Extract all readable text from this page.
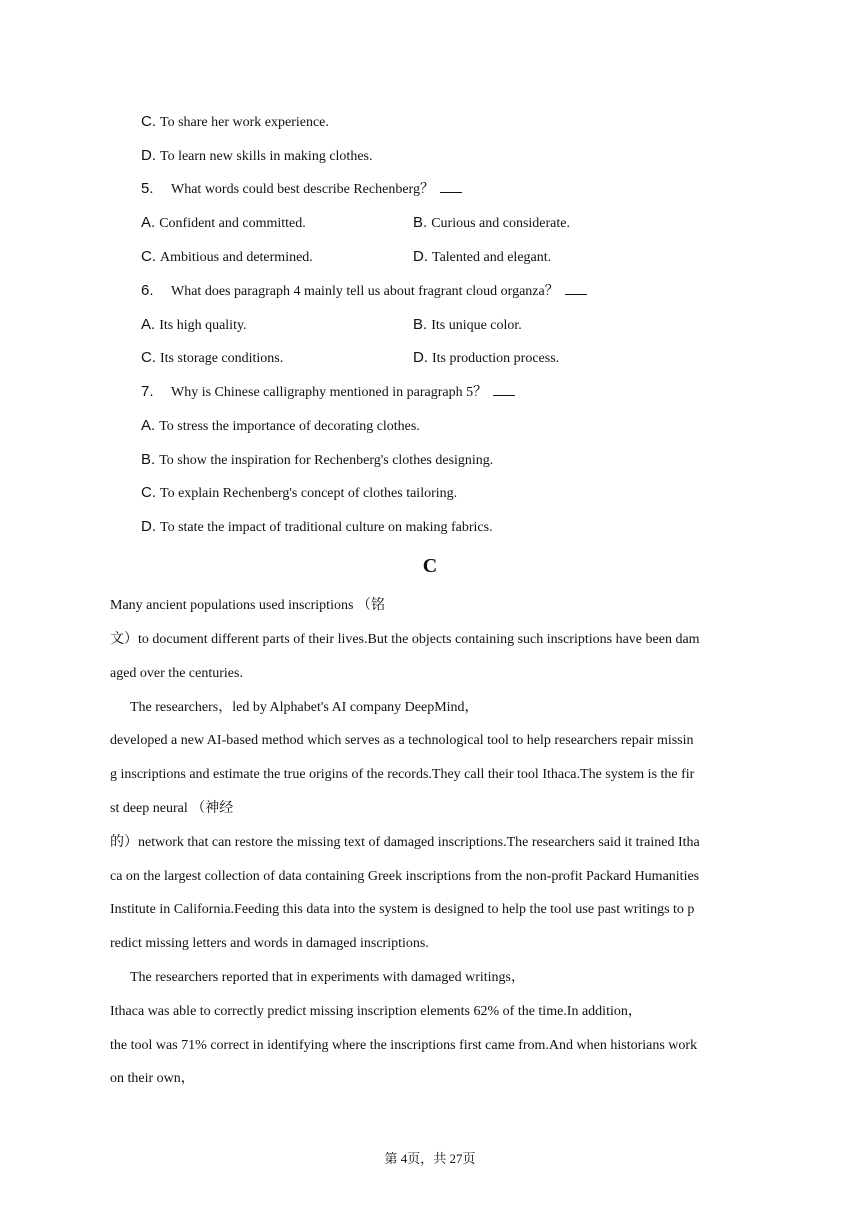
C. To share her work experience.
D. To learn new skills in making clothes.
5. What words could best describe Rechenberg？
A. Confident and committed.	B. Curious and considerate.
C. Ambitious and determined.	D. Talented and elegant.
6. What does paragraph 4 mainly tell us about fragrant cloud organza？
A. Its high quality.	B. Its unique color.
C. Its storage conditions.	D. Its production process.
7. Why is Chinese calligraphy mentioned in paragraph 5？
A. To stress the importance of decorating clothes.
B. To show the inspiration for Rechenberg's clothes designing.
C. To explain Rechenberg's concept of clothes tailoring.
D. To state the impact of traditional culture on making fabrics.
C
Many ancient populations used inscriptions （铭
文）to document different parts of their lives.But the objects containing such inscriptions have been dam
aged over the centuries.
The researchers，led by Alphabet's AI company DeepMind，
developed a new AI-based method which serves as a technological tool to help researchers repair missin
g inscriptions and estimate the true origins of the records.They call their tool Ithaca.The system is the fir
st deep neural （神经
的）network that can restore the missing text of damaged inscriptions.The researchers said it trained Itha
ca on the largest collection of data containing Greek inscriptions from the non-profit Packard Humanities
Institute in California.Feeding this data into the system is designed to help the tool use past writings to p
redict missing letters and words in damaged inscriptions.
The researchers reported that in experiments with damaged writings，
Ithaca was able to correctly predict missing inscription elements 62% of the time.In addition，
the tool was 71% correct in identifying where the inscriptions first came from.And when historians work
on their own，
第 4页，共 27页
